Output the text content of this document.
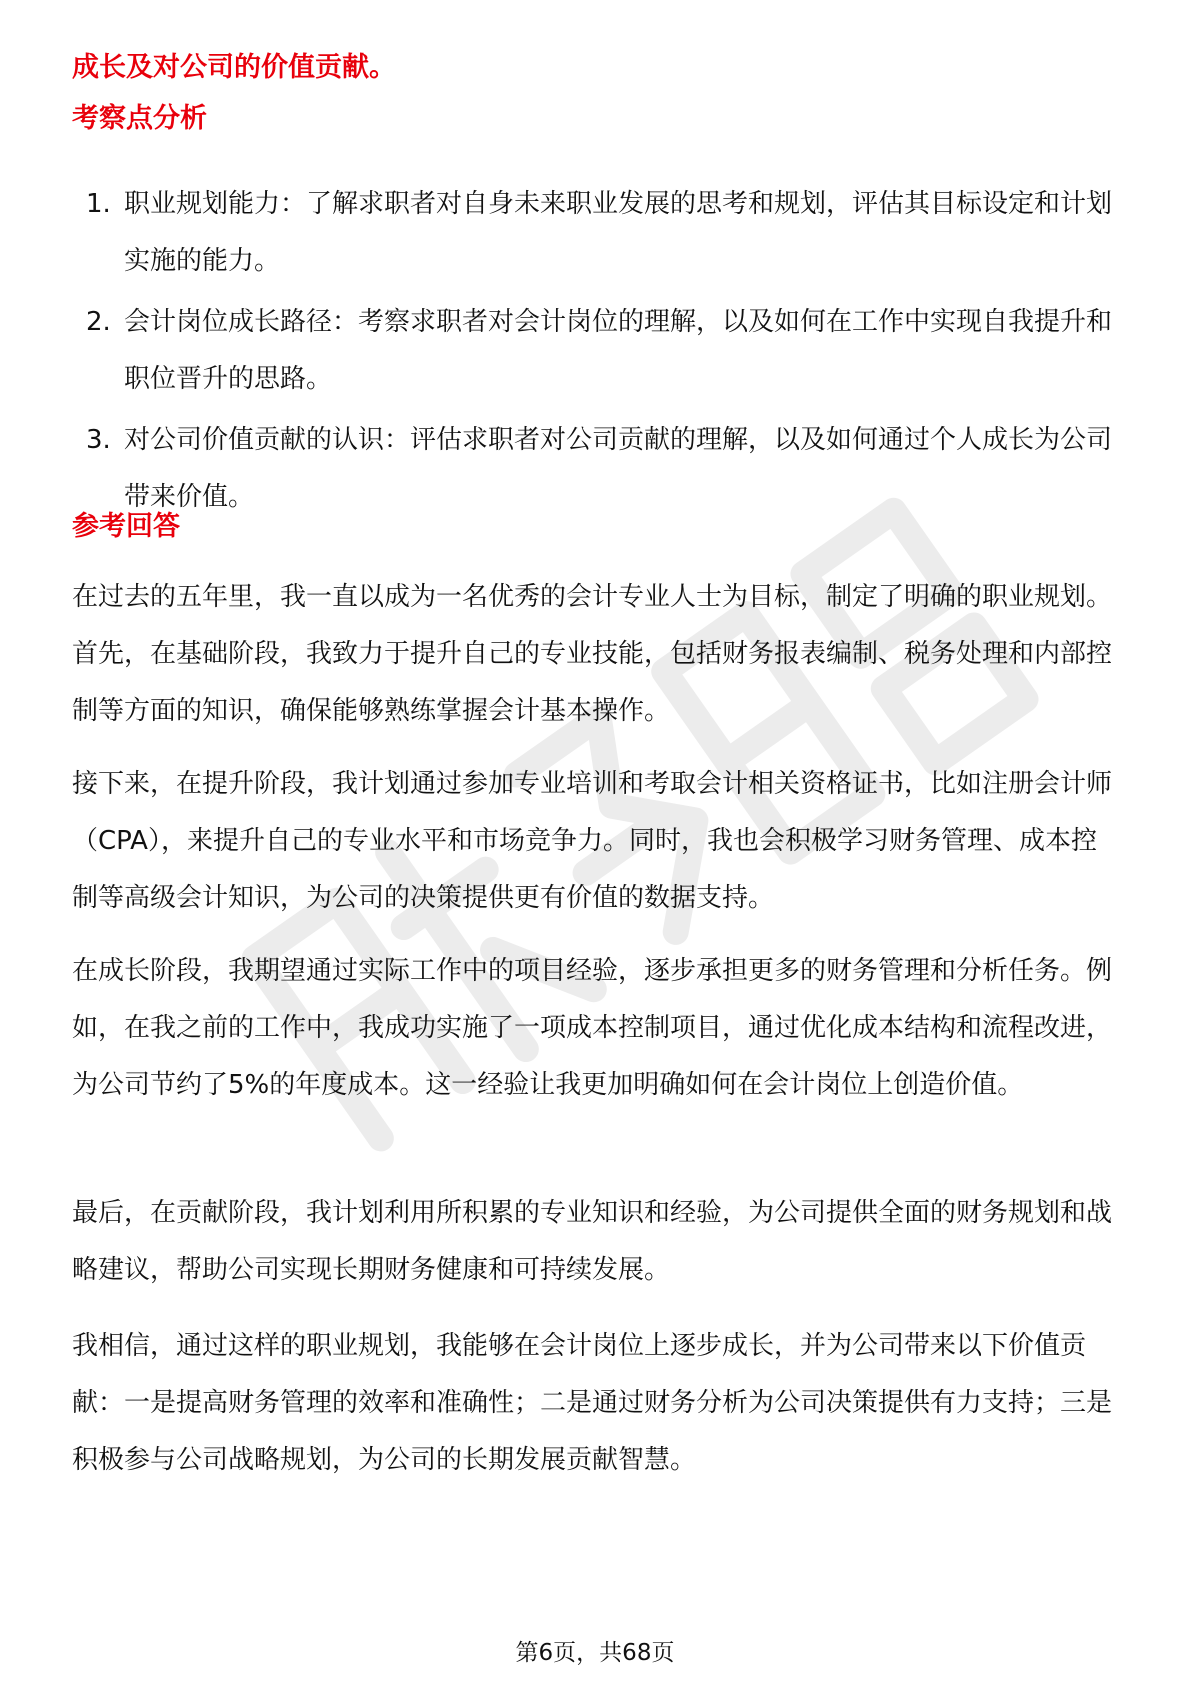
成长及对公司的价值贡献。
考察点分析
1. 职业规划能力：了解求职者对自身未来职业发展的思考和规划，评估其目标设定和计划实施的能力。
2. 会计岗位成长路径：考察求职者对会计岗位的理解，以及如何在工作中实现自我提升和职位晋升的思路。
3. 对公司价值贡献的认识：评估求职者对公司贡献的理解，以及如何通过个人成长为公司带来价值。
参考回答

在过去的五年里，我一直以成为一名优秀的会计专业人士为目标，制定了明确的职业规划。首先，在基础阶段，我致力于提升自己的专业技能，包括财务报表编制、税务处理和内部控制等方面的知识，确保能够熟练掌握会计基本操作。

接下来，在提升阶段，我计划通过参加专业培训和考取会计相关资格证书，比如注册会计师（CPA），来提升自己的专业水平和市场竞争力。同时，我也会积极学习财务管理、成本控制等高级会计知识，为公司的决策提供更有价值的数据支持。

在成长阶段，我期望通过实际工作中的项目经验，逐步承担更多的财务管理和分析任务。例如，在我之前的工作中，我成功实施了一项成本控制项目，通过优化成本结构和流程改进，为公司节约了5%的年度成本。这一经验让我更加明确如何在会计岗位上创造价值。

最后，在贡献阶段，我计划利用所积累的专业知识和经验，为公司提供全面的财务规划和战略建议，帮助公司实现长期财务健康和可持续发展。

我相信，通过这样的职业规划，我能够在会计岗位上逐步成长，并为公司带来以下价值贡献：一是提高财务管理的效率和准确性；二是通过财务分析为公司决策提供有力支持；三是积极参与公司战略规划，为公司的长期发展贡献智慧。

第6页，共68页
